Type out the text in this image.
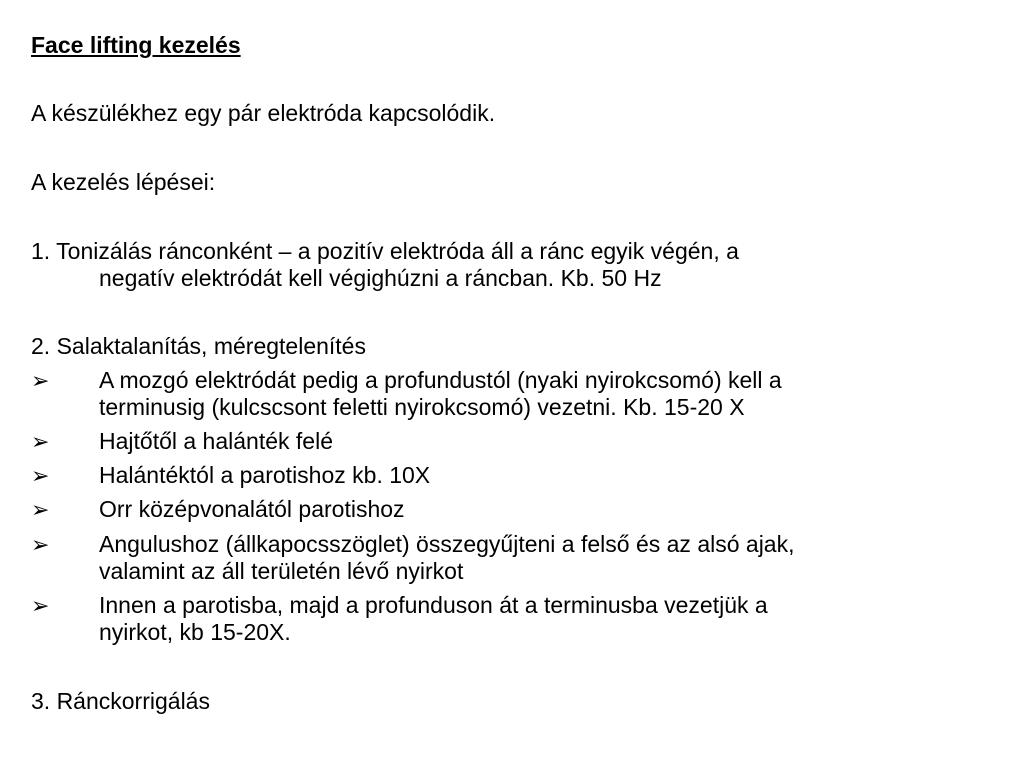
Face lifting kezelés
A készülékhez egy pár elektróda kapcsolódik.
A kezelés lépései:
1. Tonizálás ránconként – a pozitív elektróda áll a ránc egyik végén, a
negatív elektródát kell végighúzni a ráncban. Kb. 50 Hz
2. Salaktalanítás, méregtelenítés
➢ A mozgó elektródát pedig a profundustól (nyaki nyirokcsomó) kell a
terminusig (kulcscsont feletti nyirokcsomó) vezetni. Kb. 15-20 X
➢ Hajtőtől a halánték felé
➢ Halántéktól a parotishoz kb. 10X
➢ Orr középvonalától parotishoz
➢ Angulushoz (állkapocsszöglet) összegyűjteni a felső és az alsó ajak,
valamint az áll területén lévő nyirkot
➢ Innen a parotisba, majd a profunduson át a terminusba vezetjük a
nyirkot, kb 15-20X.
3. Ránckorrigálás
